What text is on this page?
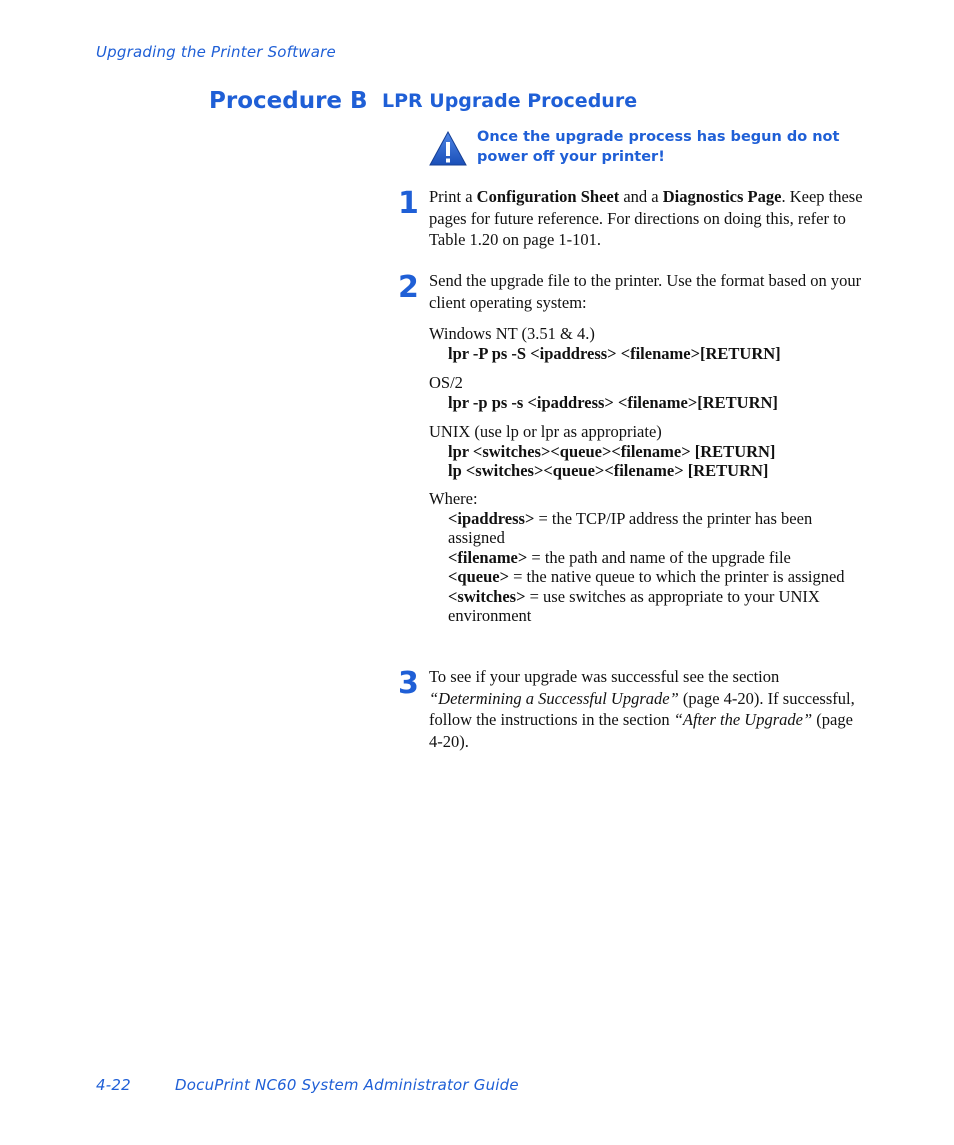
Upgrading the Printer Software
Procedure B LPR Upgrade Procedure
Once the upgrade process has begun do not power off your printer!
1 Print a Configuration Sheet and a Diagnostics Page. Keep these pages for future reference. For directions on doing this, refer to Table 1.20 on page 1-101.
2 Send the upgrade file to the printer. Use the format based on your client operating system:
Windows NT (3.51 & 4.)
lpr -P ps -S <ipaddress> <filename>[RETURN]
OS/2
lpr -p ps -s <ipaddress> <filename>[RETURN]
UNIX (use lp or lpr as appropriate)
lpr <switches><queue><filename> [RETURN]
lp <switches><queue><filename> [RETURN]
Where:
<ipaddress> = the TCP/IP address the printer has been assigned
<filename> = the path and name of the upgrade file
<queue> = the native queue to which the printer is assigned
<switches> = use switches as appropriate to your UNIX environment
3 To see if your upgrade was successful see the section “Determining a Successful Upgrade” (page 4-20). If successful, follow the instructions in the section “After the Upgrade” (page 4-20).
4-22	DocuPrint NC60 System Administrator Guide
